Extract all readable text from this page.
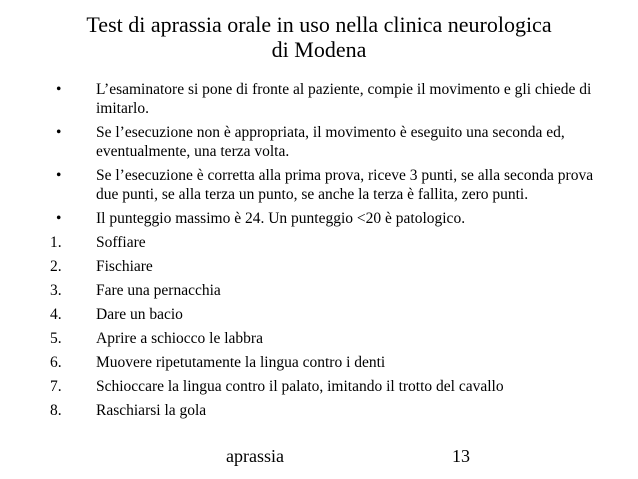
Test di aprassia orale in uso nella clinica neurologica
di Modena
•	L’esaminatore si pone di fronte al paziente, compie il movimento e gli chiede di imitarlo.
•	Se l’esecuzione non è appropriata, il movimento è eseguito una seconda ed, eventualmente, una terza volta.
•	Se l’esecuzione è corretta alla prima prova, riceve 3 punti, se alla seconda prova due punti, se alla terza un punto, se anche la terza è fallita, zero punti.
•	Il punteggio massimo è 24. Un punteggio <20 è patologico.
1.	Soffiare
2.	Fischiare
3.	Fare una pernacchia
4.	Dare un bacio
5.	Aprire a schiocco le labbra
6.	Muovere ripetutamente la lingua contro i denti
7.	Schioccare la lingua contro il palato, imitando il trotto del cavallo
8.	Raschiarsi la gola
aprassia	13
